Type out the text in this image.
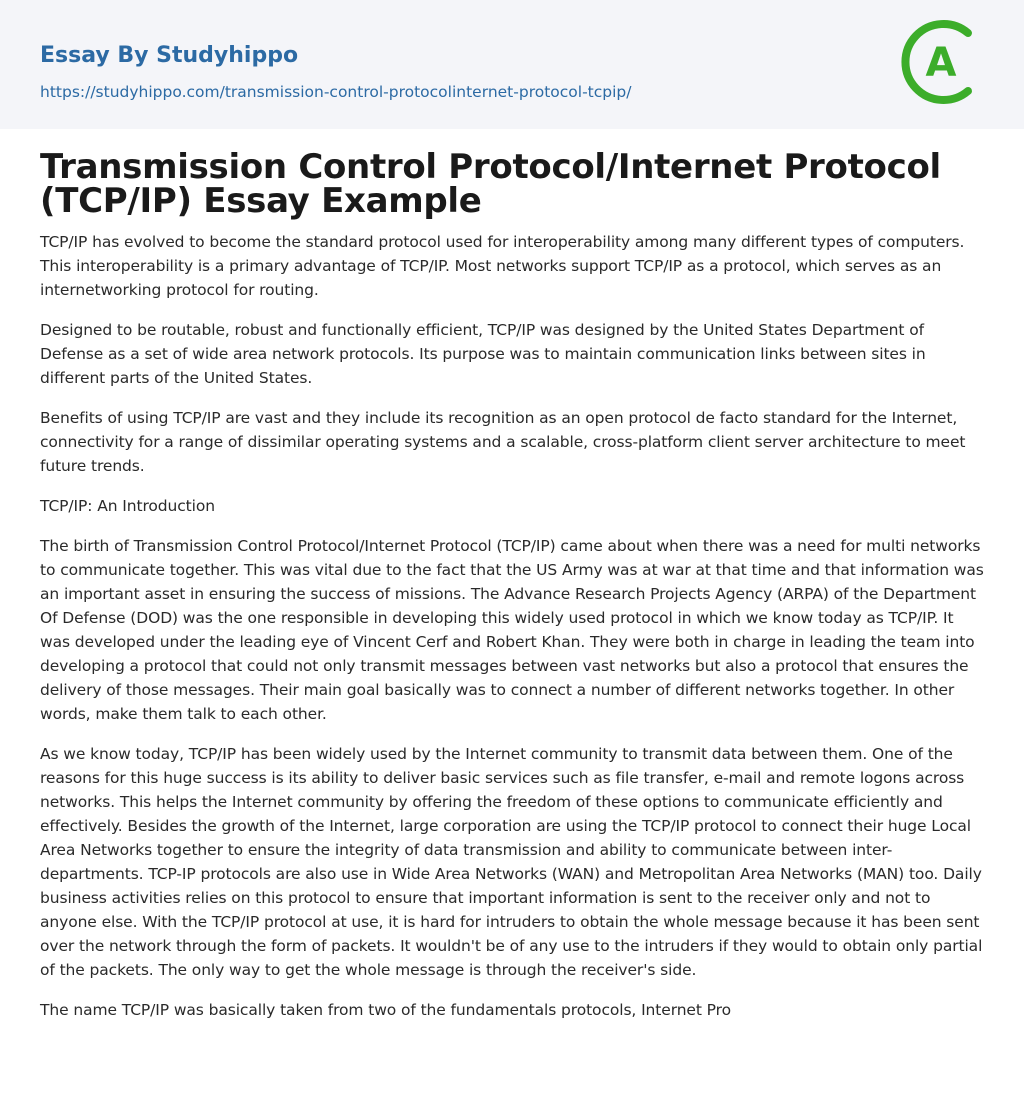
Essay By Studyhippo
https://studyhippo.com/transmission-control-protocolinternet-protocol-tcpip/
A
Transmission Control Protocol/Internet Protocol (TCP/IP) Essay Example

TCP/IP has evolved to become the standard protocol used for interoperability among many different types of computers. This interoperability is a primary advantage of TCP/IP. Most networks support TCP/IP as a protocol, which serves as an internetworking protocol for routing.

Designed to be routable, robust and functionally efficient, TCP/IP was designed by the United States Department of Defense as a set of wide area network protocols. Its purpose was to maintain communication links between sites in different parts of the United States.

Benefits of using TCP/IP are vast and they include its recognition as an open protocol de facto standard for the Internet, connectivity for a range of dissimilar operating systems and a scalable, cross-platform client server architecture to meet future trends.

TCP/IP: An Introduction

The birth of Transmission Control Protocol/Internet Protocol (TCP/IP) came about when there was a need for multi networks to communicate together. This was vital due to the fact that the US Army was at war at that time and that information was an important asset in ensuring the success of missions. The Advance Research Projects Agency (ARPA) of the Department Of Defense (DOD) was the one responsible in developing this widely used protocol in which we know today as TCP/IP. It was developed under the leading eye of Vincent Cerf and Robert Khan. They were both in charge in leading the team into developing a protocol that could not only transmit messages between vast networks but also a protocol that ensures the delivery of those messages. Their main goal basically was to connect a number of different networks together. In other words, make them talk to each other.

As we know today, TCP/IP has been widely used by the Internet community to transmit data between them. One of the reasons for this huge success is its ability to deliver basic services such as file transfer, e-mail and remote logons across networks. This helps the Internet community by offering the freedom of these options to communicate efficiently and effectively. Besides the growth of the Internet, large corporation are using the TCP/IP protocol to connect their huge Local Area Networks together to ensure the integrity of data transmission and ability to communicate between inter-departments. TCP-IP protocols are also use in Wide Area Networks (WAN) and Metropolitan Area Networks (MAN) too. Daily business activities relies on this protocol to ensure that important information is sent to the receiver only and not to anyone else. With the TCP/IP protocol at use, it is hard for intruders to obtain the whole message because it has been sent over the network through the form of packets. It wouldn't be of any use to the intruders if they would to obtain only partial of the packets. The only way to get the whole message is through the receiver's side.

The name TCP/IP was basically taken from two of the fundamentals protocols, Internet Pro
